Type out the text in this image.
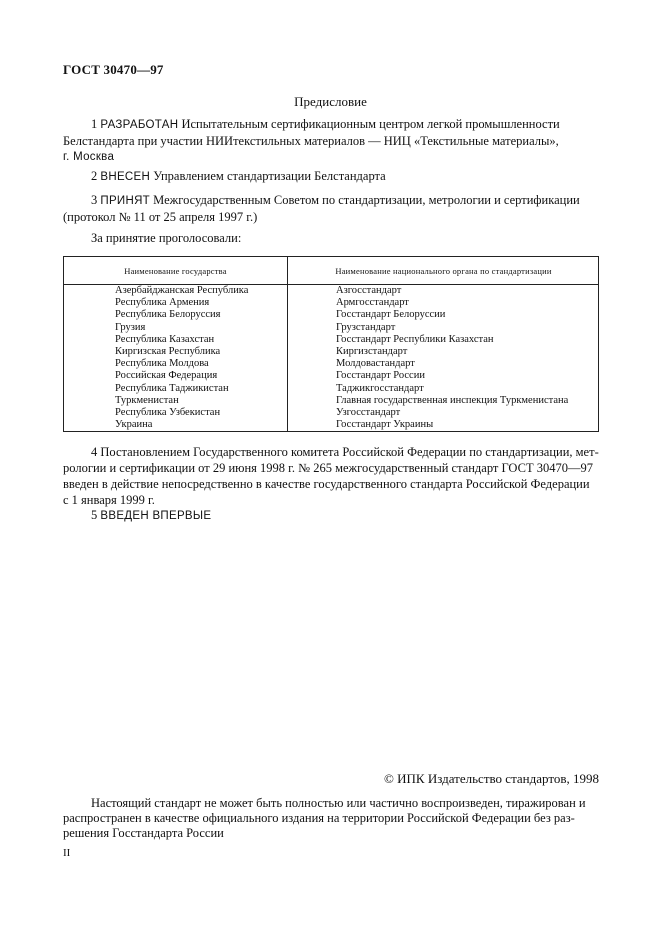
ГОСТ 30470—97
Предисловие
1 РАЗРАБОТАН Испытательным сертификационным центром легкой промышленности
Белстандарта при участии НИИтекстильных материалов — НИЦ «Текстильные материалы»,
г. Москва
2 ВНЕСЕН Управлением стандартизации Белстандарта
3 ПРИНЯТ Межгосударственным Советом по стандартизации, метрологии и сертификации
(протокол № 11 от 25 апреля 1997 г.)
За принятие проголосовали:
Наименование государства	Наименование национального органа по стандартизации
Азербайджанская Республика	Азгосстандарт
Республика Армения	Армгосстандарт
Республика Белоруссия	Госстандарт Белоруссии
Грузия	Грузстандарт
Республика Казахстан	Госстандарт Республики Казахстан
Киргизская Республика	Киргизстандарт
Республика Молдова	Молдовастандарт
Российская Федерация	Госстандарт России
Республика Таджикистан	Таджикгосстандарт
Туркменистан	Главная государственная инспекция Туркменистана
Республика Узбекистан	Узгосстандарт
Украина	Госстандарт Украины
4 Постановлением Государственного комитета Российской Федерации по стандартизации, мет-
рологии и сертификации от 29 июня 1998 г. № 265 межгосударственный стандарт ГОСТ 30470—97
введен в действие непосредственно в качестве государственного стандарта Российской Федерации
с 1 января 1999 г.
5 ВВЕДЕН ВПЕРВЫЕ
© ИПК Издательство стандартов, 1998
Настоящий стандарт не может быть полностью или частично воспроизведен, тиражирован и
распространен в качестве официального издания на территории Российской Федерации без раз-
решения Госстандарта России
II
